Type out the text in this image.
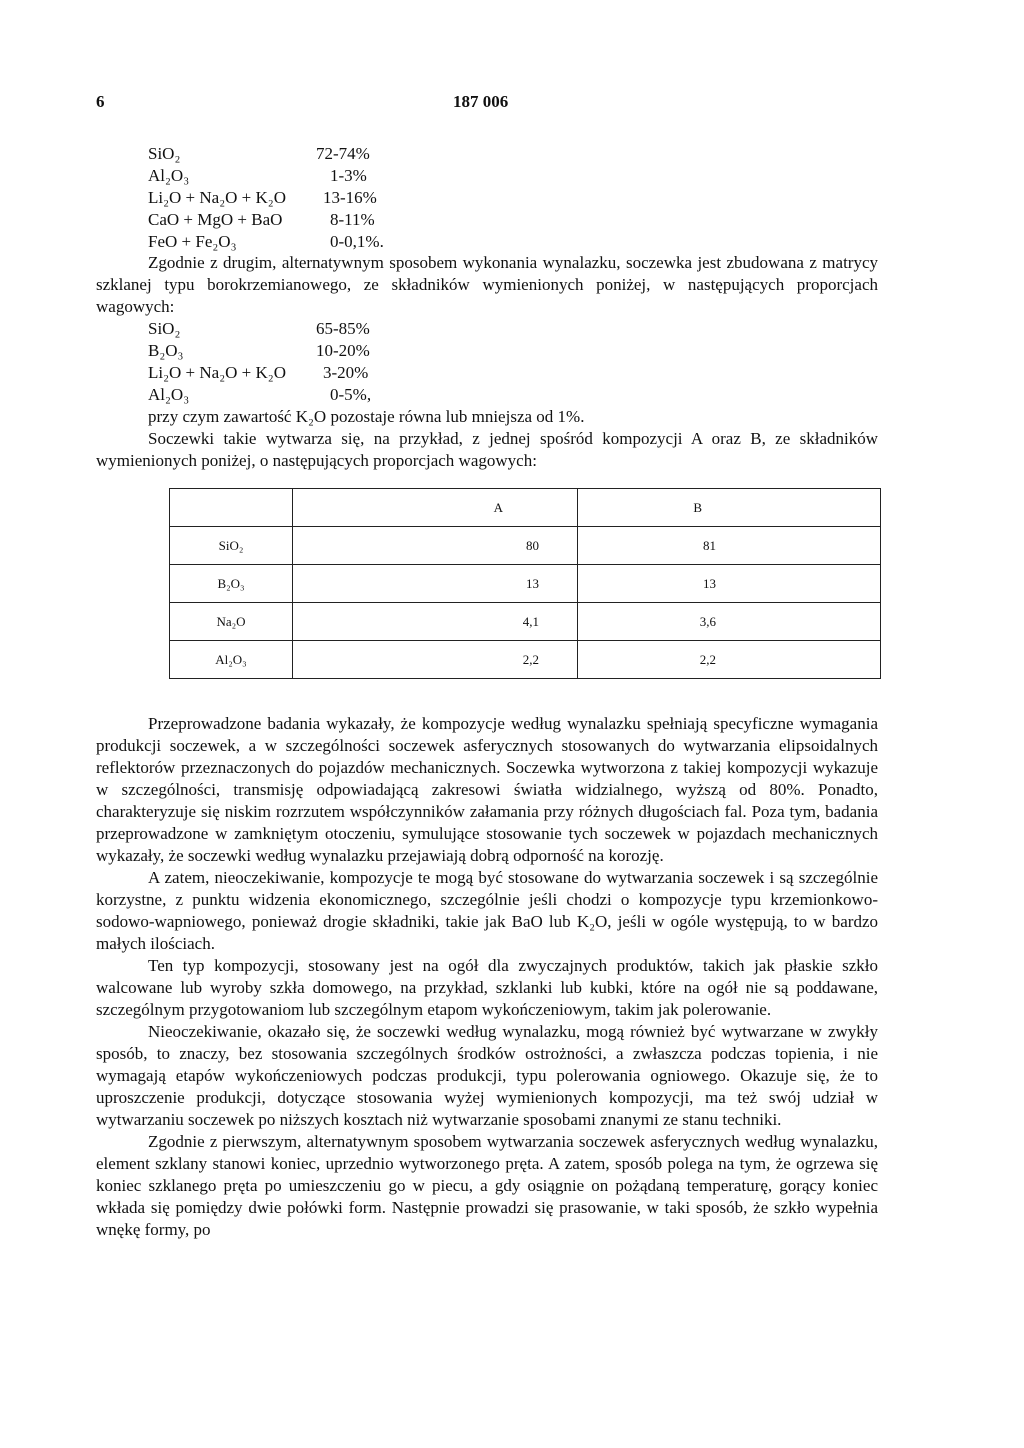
6	187 006
SiO₂	72-74%
Al₂O₃	1-3%
Li₂O + Na₂O + K₂O 13-16%
CaO + MgO + BaO	8-11%
FeO + Fe₂O₃	0-0,1%.

Zgodnie z drugim, alternatywnym sposobem wykonania wynalazku, soczewka jest zbudowana z matrycy szklanej typu borokrzemianowego, ze składników wymienionych poniżej, w następujących proporcjach wagowych:

SiO₂	65-85%
B₂O₃	10-20%
Li₂O + Na₂O + K₂O 3-20%
Al₂O₃	0-5%,
przy czym zawartość K₂O pozostaje równa lub mniejsza od 1%.

Soczewki takie wytwarza się, na przykład, z jednej spośród kompozycji A oraz B, ze składników wymienionych poniżej, o następujących proporcjach wagowych:

	A	B
SiO₂	80	81
B₂O₃	13	13
Na₂O	4,1	3,6
Al₂O₃	2,2	2,2

Przeprowadzone badania wykazały, że kompozycje według wynalazku spełniają specyficzne wymagania produkcji soczewek, a w szczególności soczewek asferycznych stosowanych do wytwarzania elipsoidalnych reflektorów przeznaczonych do pojazdów mechanicznych. Soczewka wytworzona z takiej kompozycji wykazuje w szczególności, transmisję odpowiadającą zakresowi światła widzialnego, wyższą od 80%. Ponadto, charakteryzuje się niskim rozrzutem współczynników załamania przy różnych długościach fal. Poza tym, badania przeprowadzone w zamkniętym otoczeniu, symulujące stosowanie tych soczewek w pojazdach mechanicznych wykazały, że soczewki według wynalazku przejawiają dobrą odporność na korozję.

A zatem, nieoczekiwanie, kompozycje te mogą być stosowane do wytwarzania soczewek i są szczególnie korzystne, z punktu widzenia ekonomicznego, szczególnie jeśli chodzi o kompozycje typu krzemionkowo-sodowo-wapniowego, ponieważ drogie składniki, takie jak BaO lub K₂O, jeśli w ogóle występują, to w bardzo małych ilościach.

Ten typ kompozycji, stosowany jest na ogół dla zwyczajnych produktów, takich jak płaskie szkło walcowane lub wyroby szkła domowego, na przykład, szklanki lub kubki, które na ogół nie są poddawane, szczególnym przygotowaniom lub szczególnym etapom wykończeniowym, takim jak polerowanie.

Nieoczekiwanie, okazało się, że soczewki według wynalazku, mogą również być wytwarzane w zwykły sposób, to znaczy, bez stosowania szczególnych środków ostrożności, a zwłaszcza podczas topienia, i nie wymagają etapów wykończeniowych podczas produkcji, typu polerowania ogniowego. Okazuje się, że to uproszczenie produkcji, dotyczące stosowania wyżej wymienionych kompozycji, ma też swój udział w wytwarzaniu soczewek po niższych kosztach niż wytwarzanie sposobami znanymi ze stanu techniki.

Zgodnie z pierwszym, alternatywnym sposobem wytwarzania soczewek asferycznych według wynalazku, element szklany stanowi koniec, uprzednio wytworzonego pręta. A zatem, sposób polega na tym, że ogrzewa się koniec szklanego pręta po umieszczeniu go w piecu, a gdy osiągnie on pożądaną temperaturę, gorący koniec wkłada się pomiędzy dwie połówki form. Następnie prowadzi się prasowanie, w taki sposób, że szkło wypełnia wnękę formy, po
